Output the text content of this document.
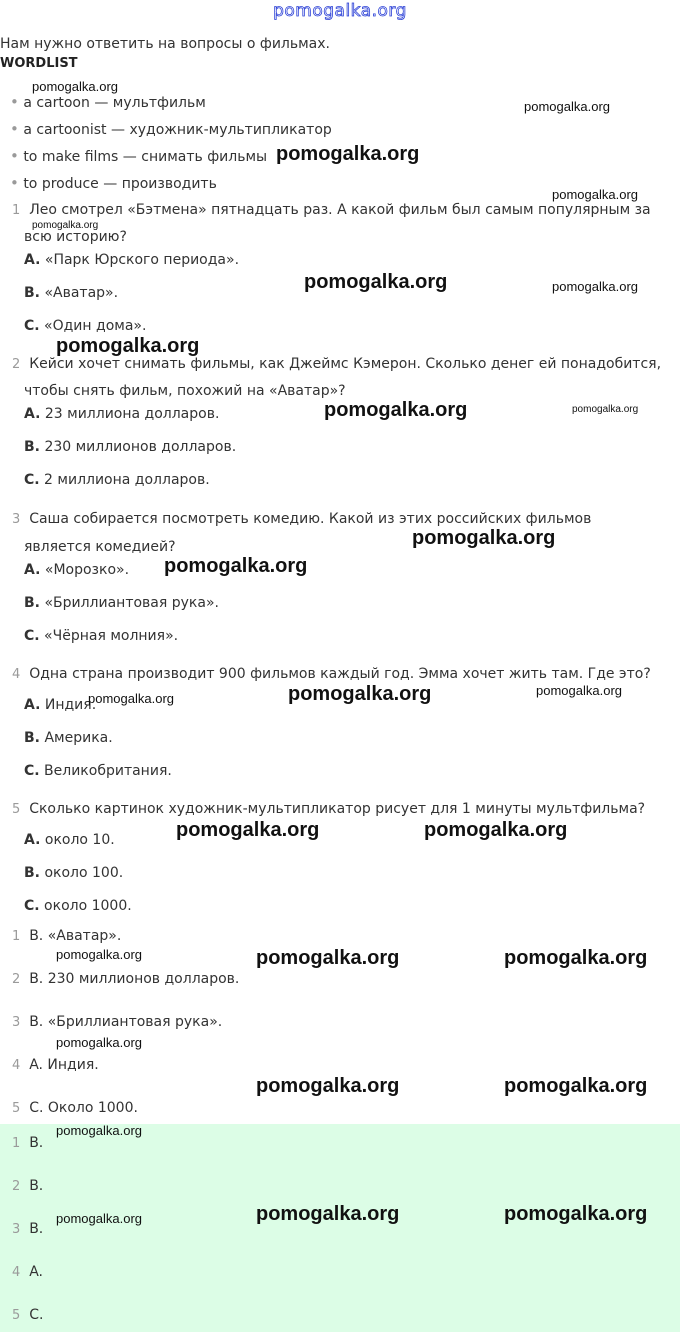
pomogalka.org
Нам нужно ответить на вопросы о фильмах.
WORDLIST
• a cartoon — мультфильм
• a cartoonist — художник-мультипликатор
• to make films — снимать фильмы
• to produce — производить
1 Лео смотрел «Бэтмена» пятнадцать раз. А какой фильм был самым популярным за
всю историю?
A. «Парк Юрского периода».
B. «Аватар».
C. «Один дома».
2 Кейси хочет снимать фильмы, как Джеймс Кэмерон. Сколько денег ей понадобится,
чтобы снять фильм, похожий на «Аватар»?
A. 23 миллиона долларов.
B. 230 миллионов долларов.
C. 2 миллиона долларов.
3 Саша собирается посмотреть комедию. Какой из этих российских фильмов
является комедией?
A. «Морозко».
B. «Бриллиантовая рука».
C. «Чёрная молния».
4 Одна страна производит 900 фильмов каждый год. Эмма хочет жить там. Где это?
A. Индия.
B. Америка.
C. Великобритания.
5 Сколько картинок художник-мультипликатор рисует для 1 минуты мультфильма?
A. около 10.
B. около 100.
C. около 1000.
1 B. «Аватар».
2 B. 230 миллионов долларов.
3 B. «Бриллиантовая рука».
4 A. Индия.
5 C. Около 1000.
1 B.
2 B.
3 B.
4 A.
5 C.
pomogalka.org
pomogalka.org
pomogalka.org
pomogalka.org
pomogalka.org
pomogalka.org	pomogalka.org
pomogalka.org
pomogalka.org	pomogalka.org
pomogalka.org
pomogalka.org
pomogalka.org
pomogalka.org
pomogalka.org
pomogalka.org	pomogalka.org
pomogalka.org	pomogalka.org	pomogalka.org
pomogalka.org
pomogalka.org	pomogalka.org
pomogalka.org
pomogalka.org	pomogalka.org	pomogalka.org
